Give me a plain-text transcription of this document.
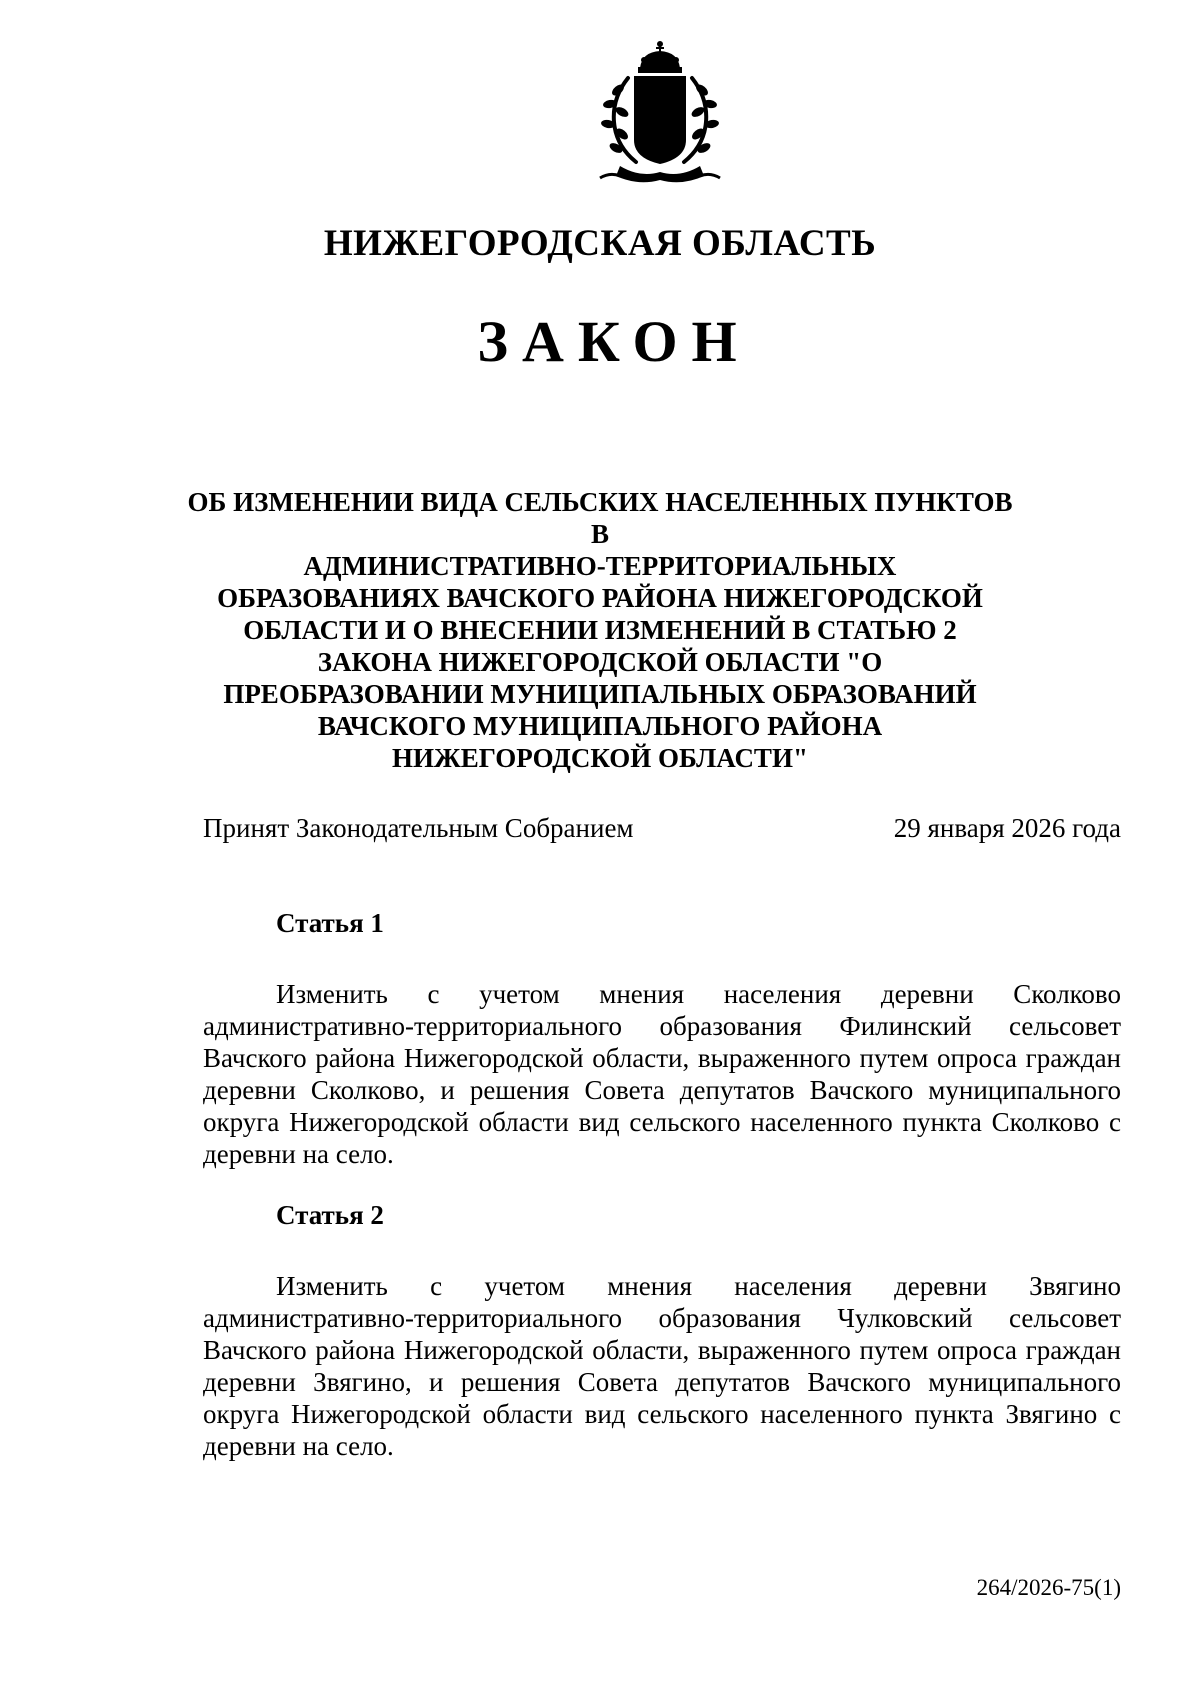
НИЖЕГОРОДСКАЯ ОБЛАСТЬ
ЗАКОН
ОБ ИЗМЕНЕНИИ ВИДА СЕЛЬСКИХ НАСЕЛЕННЫХ ПУНКТОВ В
АДМИНИСТРАТИВНО-ТЕРРИТОРИАЛЬНЫХ
ОБРАЗОВАНИЯХ ВАЧСКОГО РАЙОНА НИЖЕГОРОДСКОЙ
ОБЛАСТИ И О ВНЕСЕНИИ ИЗМЕНЕНИЙ В СТАТЬЮ 2
ЗАКОНА НИЖЕГОРОДСКОЙ ОБЛАСТИ "О
ПРЕОБРАЗОВАНИИ МУНИЦИПАЛЬНЫХ ОБРАЗОВАНИЙ
ВАЧСКОГО МУНИЦИПАЛЬНОГО РАЙОНА
НИЖЕГОРОДСКОЙ ОБЛАСТИ"
Принят Законодательным Собранием	29 января 2026 года
Статья 1

Изменить с учетом мнения населения деревни Сколково административно-территориального образования Филинский сельсовет Вачского района Нижегородской области, выраженного путем опроса граждан деревни Сколково, и решения Совета депутатов Вачского муниципального округа Нижегородской области вид сельского населенного пункта Сколково с деревни на село.

Статья 2

Изменить с учетом мнения населения деревни Звягино административно-территориального образования Чулковский сельсовет Вачского района Нижегородской области, выраженного путем опроса граждан деревни Звягино, и решения Совета депутатов Вачского муниципального округа Нижегородской области вид сельского населенного пункта Звягино с деревни на село.

264/2026-75(1)
